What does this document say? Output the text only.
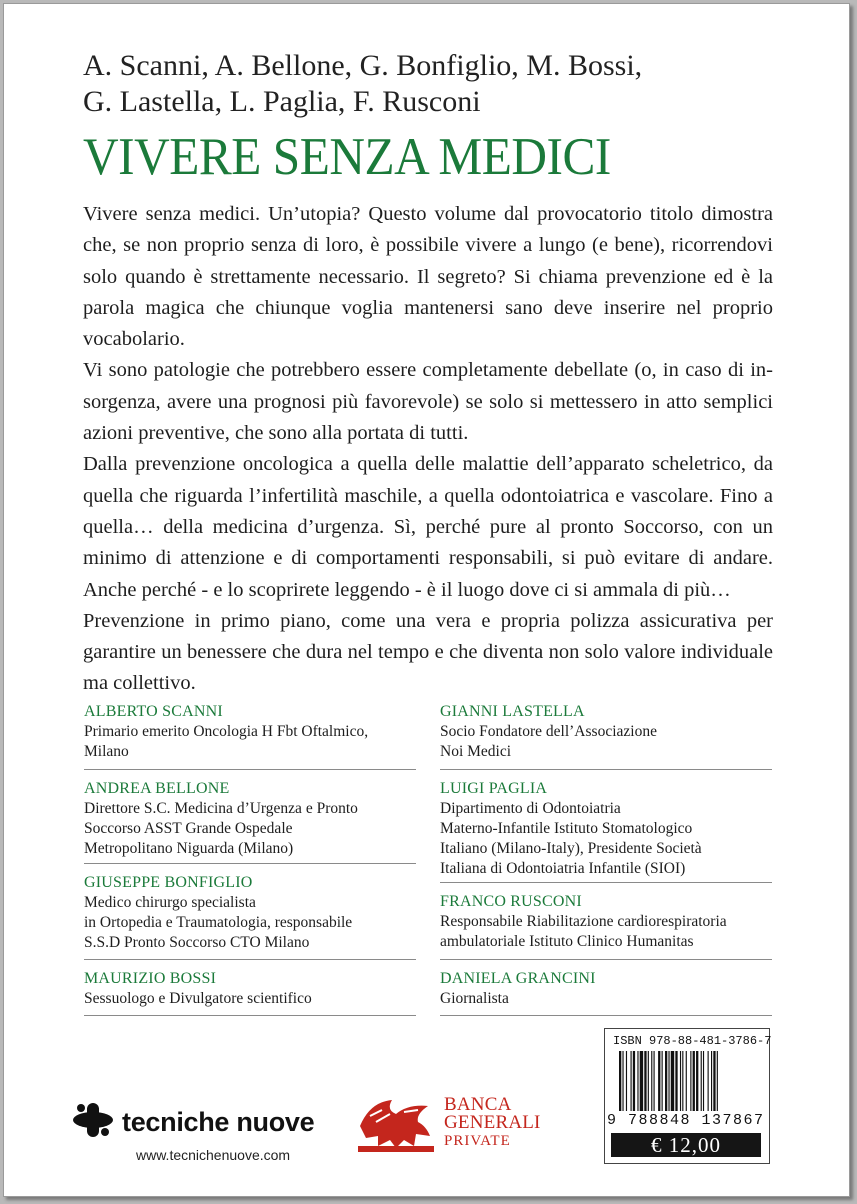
A. Scanni, A. Bellone, G. Bonfiglio, M. Bossi,
G. Lastella, L. Paglia, F. Rusconi
VIVERE SENZA MEDICI

Vivere senza medici. Un’utopia? Questo volume dal provocatorio titolo dimostra che, se non proprio senza di loro, è possibile vivere a lungo (e bene), ricorrendovi solo quando è strettamente necessario. Il segreto? Si chiama prevenzione ed è la parola magica che chiunque voglia mantenersi sano deve inserire nel proprio vocabolario.

Vi sono patologie che potrebbero essere completamente debellate (o, in caso di insorgenza, avere una prognosi più favorevole) se solo si mettessero in atto semplici azioni preventive, che sono alla portata di tutti.

Dalla prevenzione oncologica a quella delle malattie dell’apparato scheletrico, da quella che riguarda l’infertilità maschile, a quella odontoiatrica e vascolare. Fino a quella… della medicina d’urgenza. Sì, perché pure al pronto Soccorso, con un minimo di attenzione e di comportamenti responsabili, si può evitare di andare. Anche perché - e lo scoprirete leggendo - è il luogo dove ci si ammala di più…

Prevenzione in primo piano, come una vera e propria polizza assicurativa per garantire un benessere che dura nel tempo e che diventa non solo valore individuale ma collettivo.

ALBERTO SCANNI
Primario emerito Oncologia H Fbt Oftalmico,
Milano
ANDREA BELLONE
Direttore S.C. Medicina d’Urgenza e Pronto
Soccorso ASST Grande Ospedale
Metropolitano Niguarda (Milano)
GIUSEPPE BONFIGLIO
Medico chirurgo specialista
in Ortopedia e Traumatologia, responsabile
S.S.D Pronto Soccorso CTO Milano
MAURIZIO BOSSI
Sessuologo e Divulgatore scientifico
GIANNI LASTELLA
Socio Fondatore dell’Associazione
Noi Medici
LUIGI PAGLIA
Dipartimento di Odontoiatria
Materno-Infantile Istituto Stomatologico
Italiano (Milano-Italy), Presidente Società
Italiana di Odontoiatria Infantile (SIOI)
FRANCO RUSCONI
Responsabile Riabilitazione cardiorespiratoria
ambulatoriale Istituto Clinico Humanitas
DANIELA GRANCINI
Giornalista
tecniche nuove
www.tecnichenuove.com
BANCA
GENERALI
PRIVATE
ISBN 978-88-481-3786-7
9 788848 137867
€ 12,00
